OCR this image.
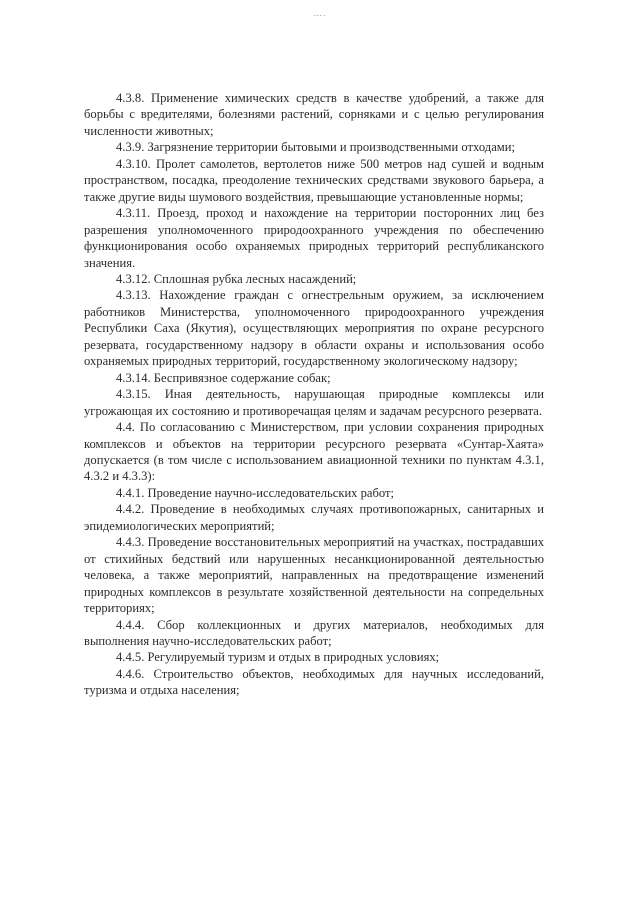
….

4.3.8. Применение химических средств в качестве удобрений, а также для борьбы с вредителями, болезнями растений, сорняками и с целью регулирования численности животных;

4.3.9. Загрязнение территории бытовыми и производственными отходами;

4.3.10. Пролет самолетов, вертолетов ниже 500 метров над сушей и водным пространством, посадка, преодоление технических средствами звукового барьера, а также другие виды шумового воздействия, превышающие установленные нормы;

4.3.11. Проезд, проход и нахождение на территории посторонних лиц без разрешения уполномоченного природоохранного учреждения по обеспечению функционирования особо охраняемых природных территорий республиканского значения.

4.3.12. Сплошная рубка лесных насаждений;

4.3.13. Нахождение граждан с огнестрельным оружием, за исключением работников Министерства, уполномоченного природоохранного учреждения Республики Саха (Якутия), осуществляющих мероприятия по охране ресурсного резервата, государственному надзору в области охраны и использования особо охраняемых природных территорий, государственному экологическому надзору;

4.3.14. Беспривязное содержание собак;

4.3.15. Иная деятельность, нарушающая природные комплексы или угрожающая их состоянию и противоречащая целям и задачам ресурсного резервата.

4.4. По согласованию с Министерством, при условии сохранения природных комплексов и объектов на территории ресурсного резервата «Сунтар-Хаята» допускается (в том числе с использованием авиационной техники по пунктам 4.3.1, 4.3.2 и 4.3.3):

4.4.1. Проведение научно-исследовательских работ;

4.4.2. Проведение в необходимых случаях противопожарных, санитарных и эпидемиологических мероприятий;

4.4.3. Проведение восстановительных мероприятий на участках, пострадавших от стихийных бедствий или нарушенных несанкционированной деятельностью человека, а также мероприятий, направленных на предотвращение изменений природных комплексов в результате хозяйственной деятельности на сопредельных территориях;

4.4.4. Сбор коллекционных и других материалов, необходимых для выполнения научно-исследовательских работ;

4.4.5. Регулируемый туризм и отдых в природных условиях;

4.4.6. Строительство объектов, необходимых для научных исследований, туризма и отдыха населения;
